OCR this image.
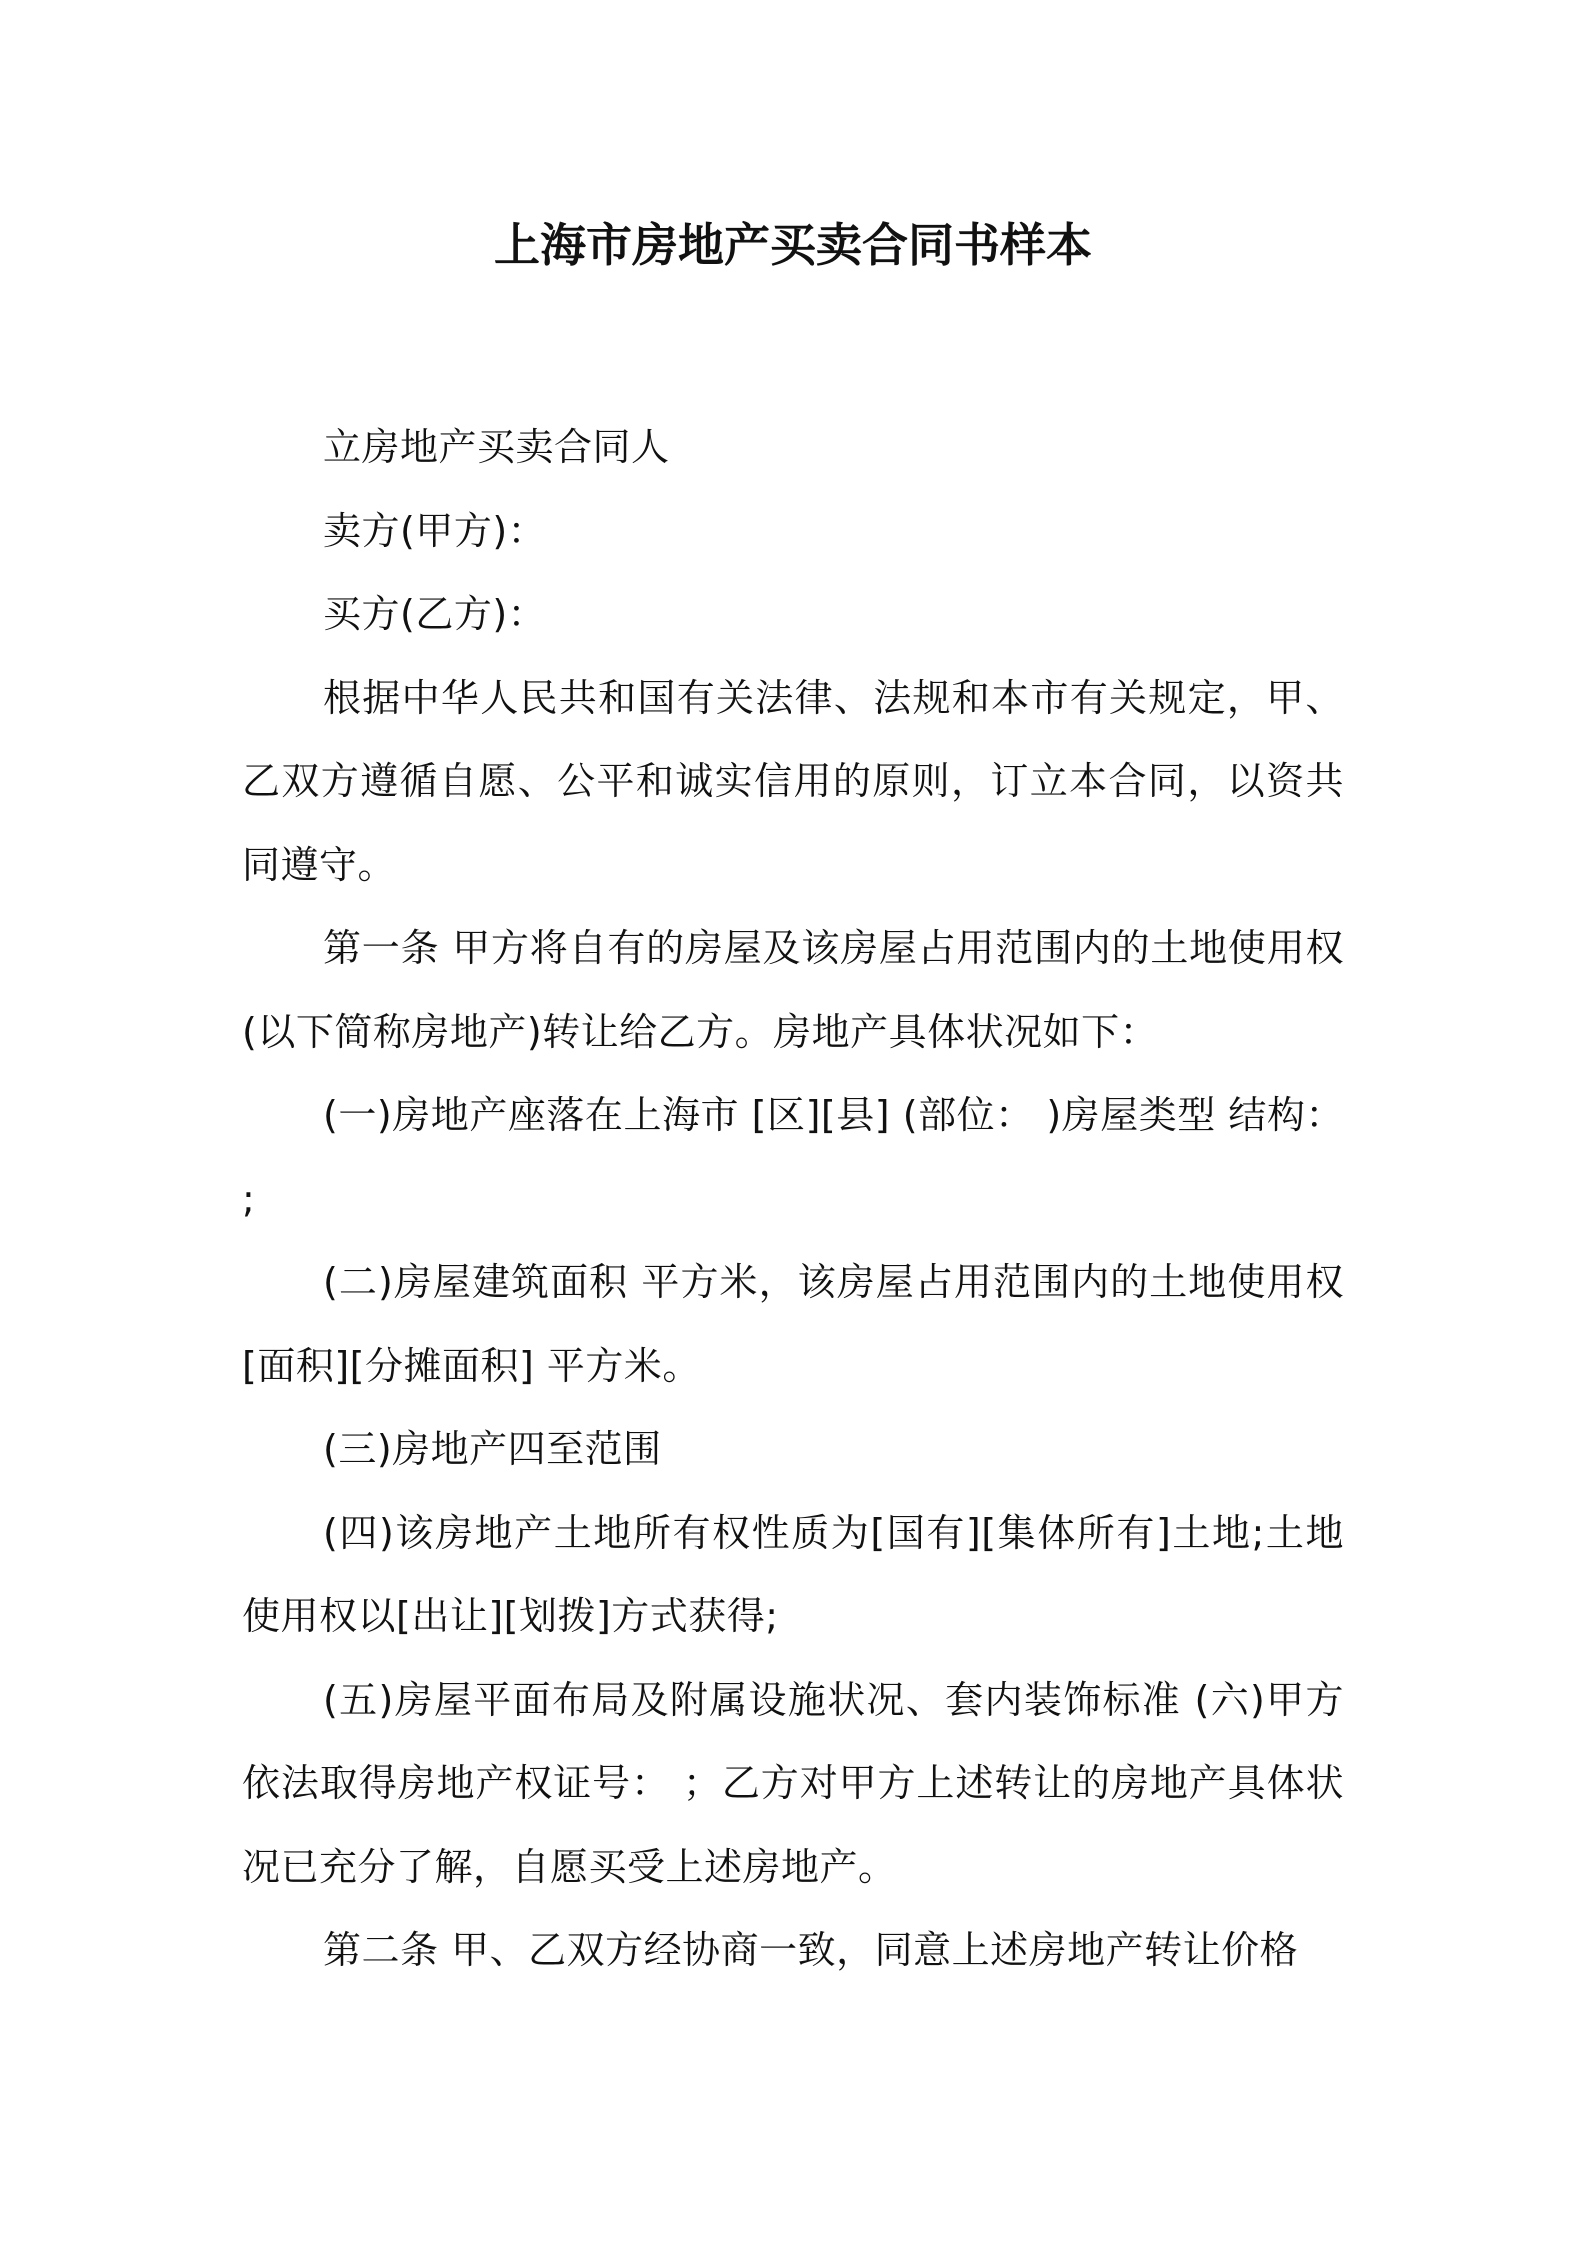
上海市房地产买卖合同书样本

立房地产买卖合同人

卖方(甲方)：

买方(乙方)：

根据中华人民共和国有关法律、法规和本市有关规定，甲、乙双方遵循自愿、公平和诚实信用的原则，订立本合同，以资共同遵守。

第一条 甲方将自有的房屋及该房屋占用范围内的土地使用权(以下简称房地产)转让给乙方。房地产具体状况如下：

(一)房地产座落在上海市 [区][县] (部位： )房屋类型 结构： ;

(二)房屋建筑面积 平方米，该房屋占用范围内的土地使用权[面积][分摊面积] 平方米。

(三)房地产四至范围

(四)该房地产土地所有权性质为[国有][集体所有]土地;土地使用权以[出让][划拨]方式获得;

(五)房屋平面布局及附属设施状况、套内装饰标准 (六)甲方依法取得房地产权证号： ；乙方对甲方上述转让的房地产具体状况已充分了解，自愿买受上述房地产。

第二条 甲、乙双方经协商一致，同意上述房地产转让价格
